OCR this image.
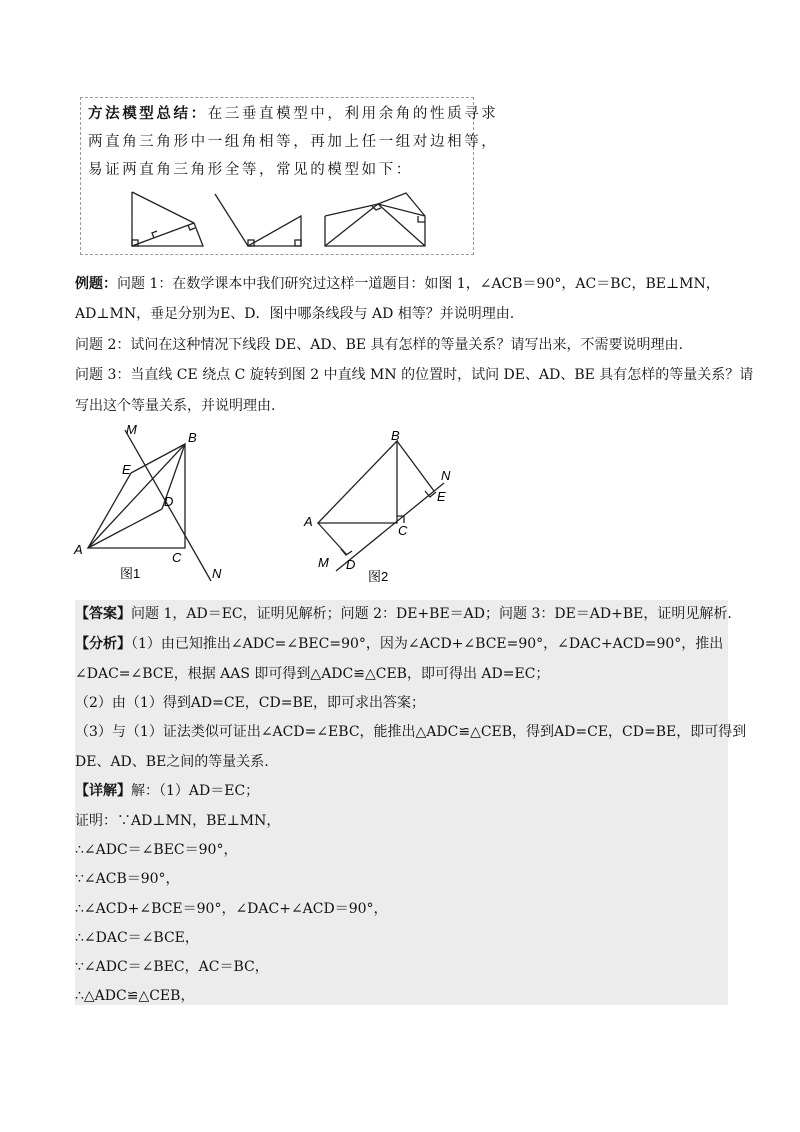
方法模型总结：在三垂直模型中，利用余角的性质寻求
两直角三角形中一组角相等，再加上任一组对边相等，
易证两直角三角形全等，常见的模型如下：
例题：问题 1：在数学课本中我们研究过这样一道题目：如图 1，∠ACB＝90°，AC＝BC，BE⊥MN，
AD⊥MN，垂足分别为E、D．图中哪条线段与 AD 相等？并说明理由.
问题 2：试问在这种情况下线段 DE、AD、BE 具有怎样的等量关系？请写出来，不需要说明理由.
问题 3：当直线 CE 绕点 C 旋转到图 2 中直线 MN 的位置时，试问 DE、AD、BE 具有怎样的等量关系？请
写出这个等量关系，并说明理由.
M
B
E
D
A
C
N
图1
B
N
E
A
C
M D
图2
【答案】问题 1，AD＝EC，证明见解析；问题 2：DE+BE＝AD；问题 3：DE＝AD+BE，证明见解析.
【分析】（1）由已知推出∠ADC=∠BEC=90°，因为∠ACD+∠BCE=90°，∠DAC+ACD=90°，推出
∠DAC=∠BCE，根据 AAS 即可得到△ADC≌△CEB，即可得出 AD=EC；
（2）由（1）得到AD=CE，CD=BE，即可求出答案；
（3）与（1）证法类似可证出∠ACD=∠EBC，能推出△ADC≌△CEB，得到AD=CE，CD=BE，即可得到
DE、AD、BE之间的等量关系.
【详解】解：（1）AD＝EC；
证明：∵AD⊥MN，BE⊥MN，
∴∠ADC＝∠BEC＝90°，
∵∠ACB＝90°，
∴∠ACD+∠BCE＝90°，∠DAC+∠ACD＝90°，
∴∠DAC＝∠BCE，
∵∠ADC＝∠BEC，AC＝BC，
∴△ADC≌△CEB，
